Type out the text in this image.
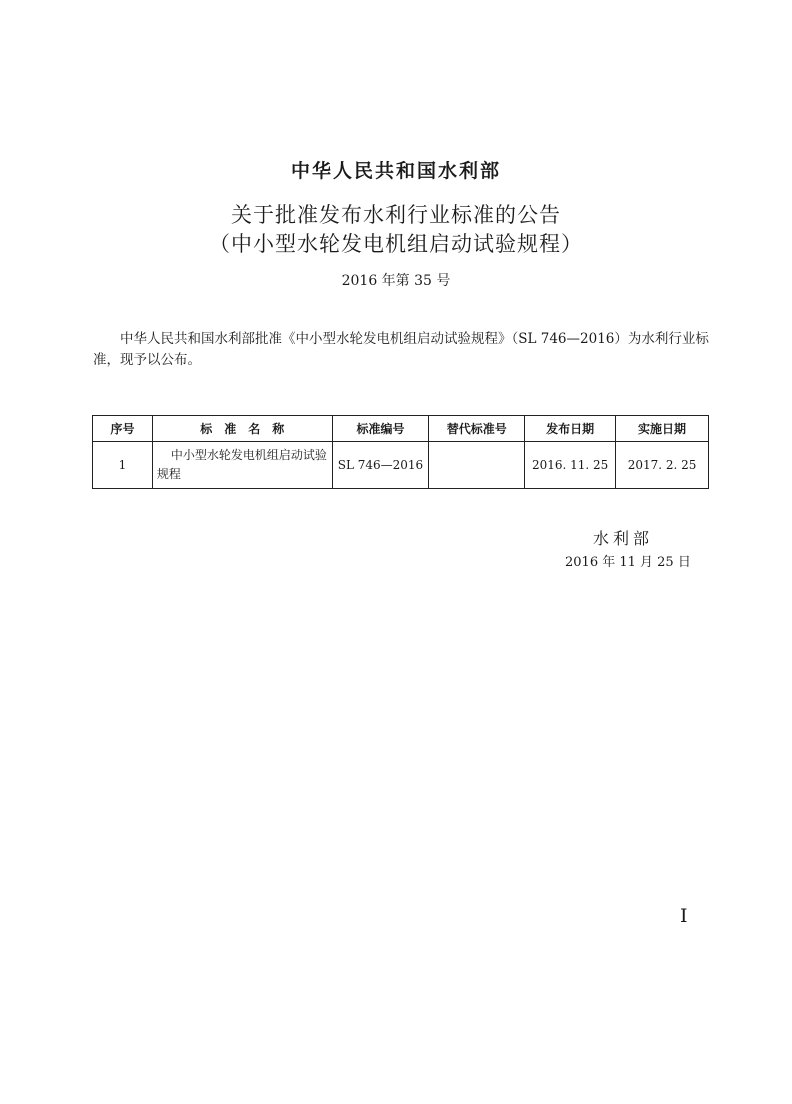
中华人民共和国水利部
关于批准发布水利行业标准的公告
（中小型水轮发电机组启动试验规程）
2016 年第 35 号
中华人民共和国水利部批准《中小型水轮发电机组启动试验规程》（SL 746—2016）为水利行业标准，现予以公布。
序号	标　准　名　称	标准编号	替代标准号	发布日期	实施日期
1	中小型水轮发电机组启动试验规程	SL 746—2016		2016. 11. 25	2017. 2. 25
水利部
2016 年 11 月 25 日
I
